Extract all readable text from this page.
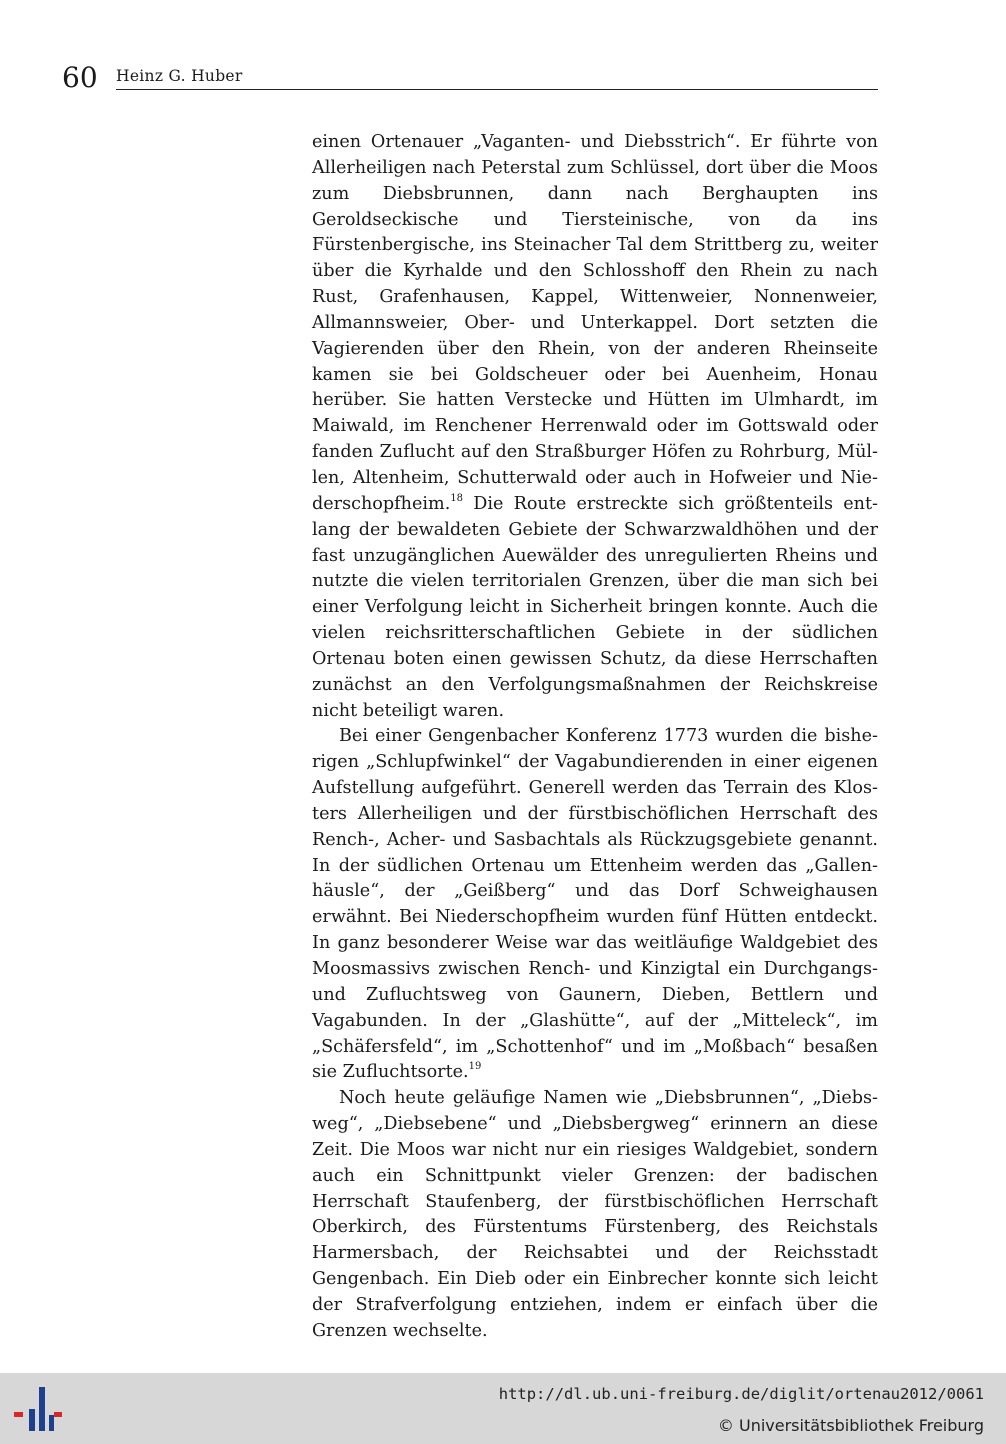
60 Heinz G. Huber

einen Ortenauer „Vaganten- und Diebsstrich“. Er führte von Allerheiligen nach Peterstal zum Schlüssel, dort über die Moos zum Diebsbrunnen, dann nach Berghaupten ins Geroldseckische und Tiersteinische, von da ins Fürstenbergische, ins Steinacher Tal dem Strittberg zu, weiter über die Kyrhalde und den Schlosshoff den Rhein zu nach Rust, Grafenhausen, Kappel, Wittenweier, Nonnenweier, Allmannsweier, Ober- und Unterkappel. Dort setzten die Vagierenden über den Rhein, von der anderen Rheinseite kamen sie bei Goldscheuer oder bei Auenheim, Honau herüber. Sie hatten Verstecke und Hütten im Ulmhardt, im Maiwald, im Renchener Herrenwald oder im Gottswald oder fanden Zuflucht auf den Straßburger Höfen zu Rohrburg, Müllen, Altenheim, Schutterwald oder auch in Hofweier und Niederschopfheim.$^{18}$ Die Route erstreckte sich größtenteils entlang der bewaldeten Gebiete der Schwarzwaldhöhen und der fast unzugänglichen Auewälder des unregulierten Rheins und nutzte die vielen territorialen Grenzen, über die man sich bei einer Verfolgung leicht in Sicherheit bringen konnte. Auch die vielen reichsritterschaftlichen Gebiete in der südlichen Ortenau boten einen gewissen Schutz, da diese Herrschaften zunächst an den Verfolgungsmaßnahmen der Reichskreise nicht beteiligt waren.

Bei einer Gengenbacher Konferenz 1773 wurden die bisherigen „Schlupfwinkel“ der Vagabundierenden in einer eigenen Aufstellung aufgeführt. Generell werden das Terrain des Klosters Allerheiligen und der fürstbischöflichen Herrschaft des Rench-, Acher- und Sasbachtals als Rückzugsgebiete genannt. In der südlichen Ortenau um Ettenheim werden das „Gallenhäusle“, der „Geißberg“ und das Dorf Schweighausen erwähnt. Bei Niederschopfheim wurden fünf Hütten entdeckt. In ganz besonderer Weise war das weitläufige Waldgebiet des Moosmassivs zwischen Rench- und Kinzigtal ein Durchgangs- und Zufluchtsweg von Gaunern, Dieben, Bettlern und Vagabunden. In der „Glashütte“, auf der „Mitteleck“, im „Schäfersfeld“, im „Schottenhof“ und im „Moßbach“ besaßen sie Zufluchtsorte.$^{19}$

Noch heute geläufige Namen wie „Diebsbrunnen“, „Diebsweg“, „Diebsebene“ und „Diebsbergweg“ erinnern an diese Zeit. Die Moos war nicht nur ein riesiges Waldgebiet, sondern auch ein Schnittpunkt vieler Grenzen: der badischen Herrschaft Staufenberg, der fürstbischöflichen Herrschaft Oberkirch, des Fürstentums Fürstenberg, des Reichstals Harmersbach, der Reichsabtei und der Reichsstadt Gengenbach. Ein Dieb oder ein Einbrecher konnte sich leicht der Strafverfolgung entziehen, indem er einfach über die Grenzen wechselte.

http://dl.ub.uni-freiburg.de/diglit/ortenau2012/0061
© Universitätsbibliothek Freiburg
